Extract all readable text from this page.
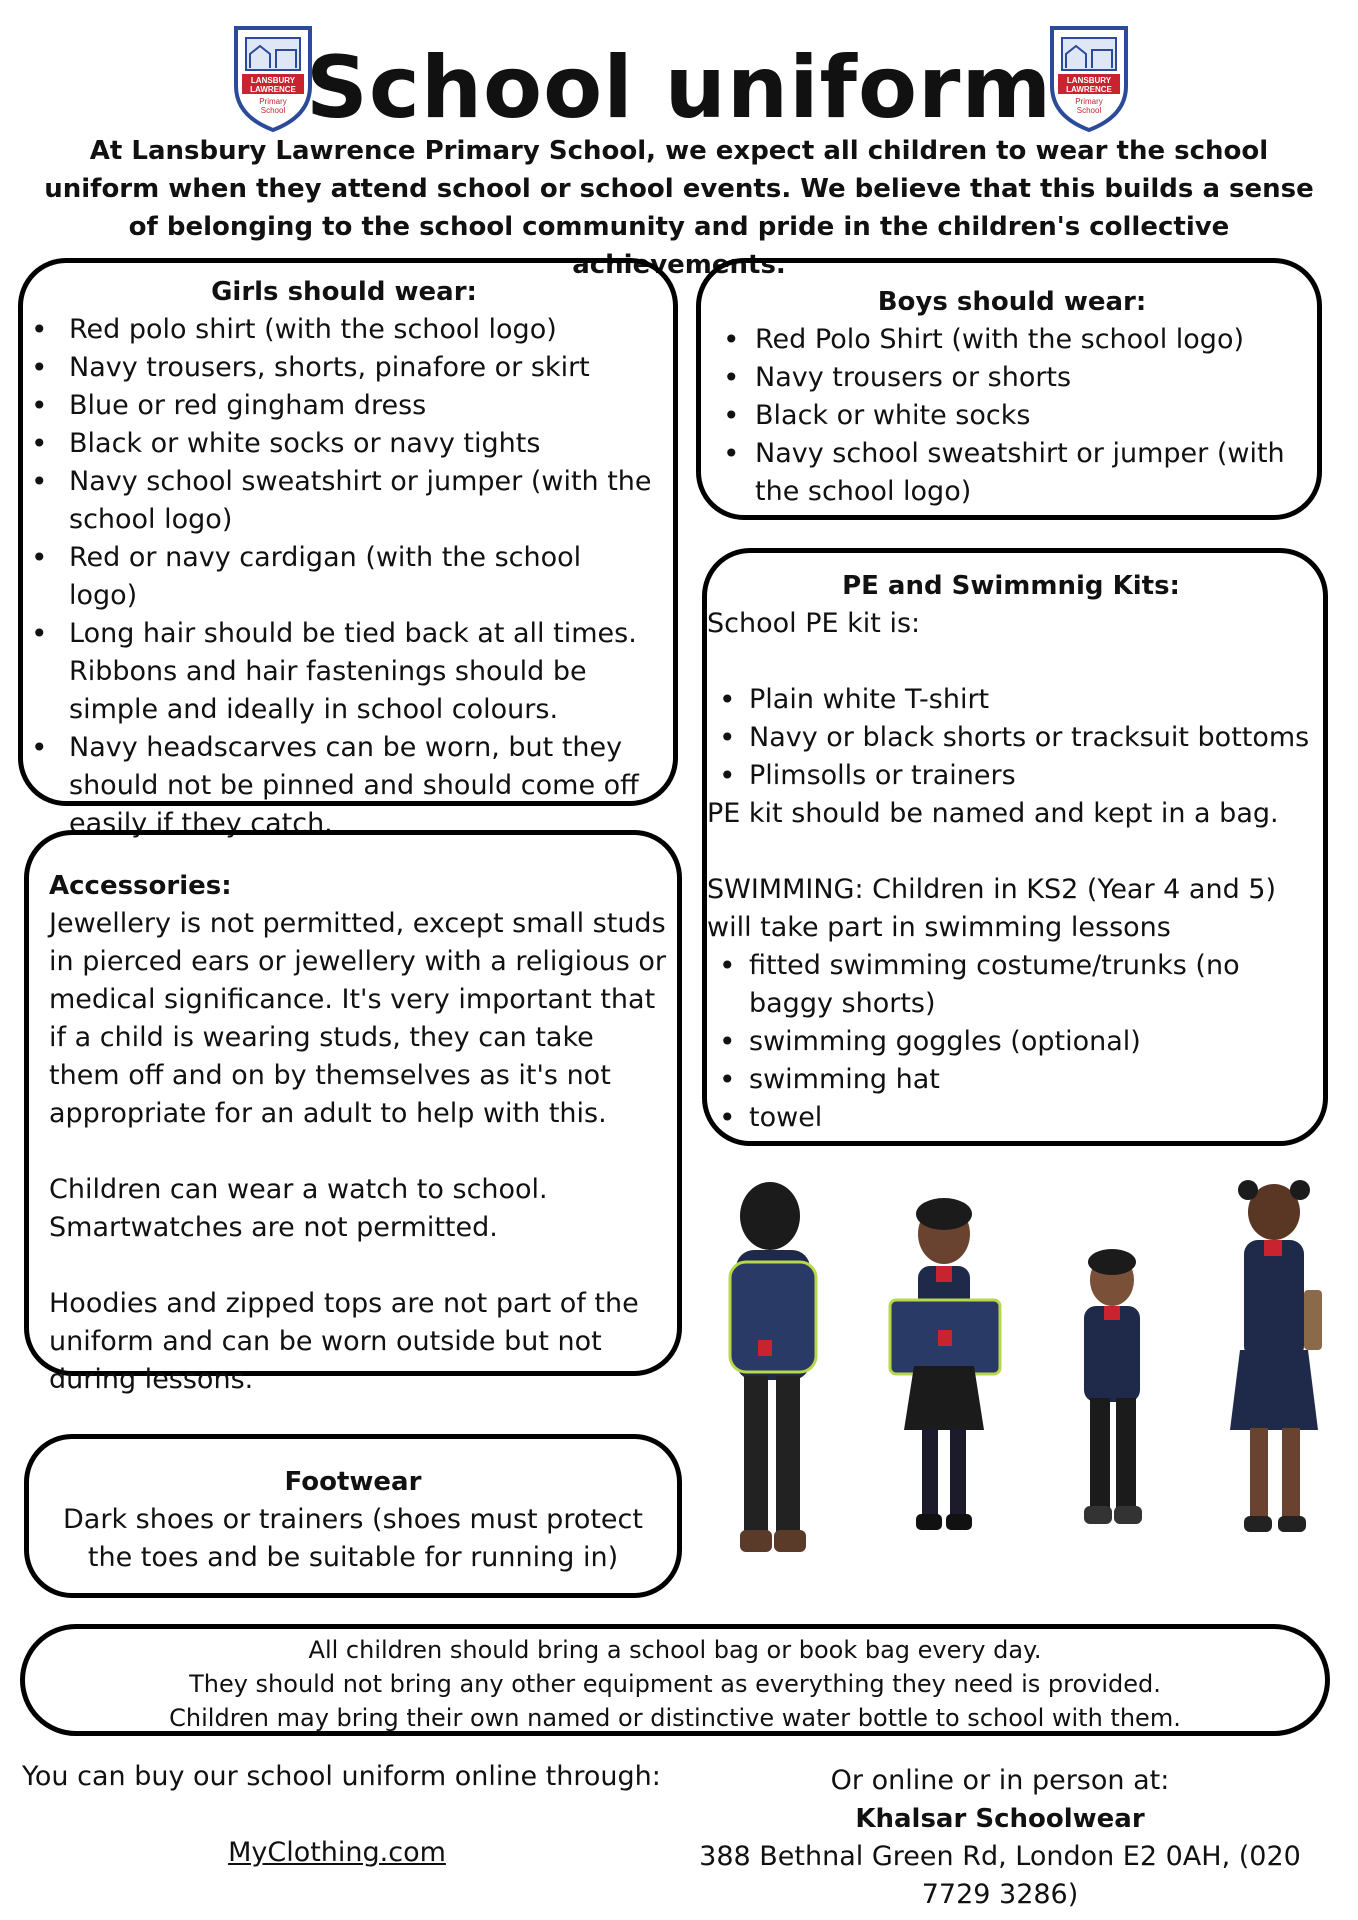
LANSBURY
LAWRENCE
Primary
School
LANSBURY
LAWRENCE
Primary
School
School uniform
At Lansbury Lawrence Primary School, we expect all children to wear the school uniform when they attend school or school events. We believe that this builds a sense of belonging to the school community and pride in the children's collective achievements.
Girls should wear:
• Red polo shirt (with the school logo)
• Navy trousers, shorts, pinafore or skirt
• Blue or red gingham dress
• Black or white socks or navy tights
• Navy school sweatshirt or jumper (with the school logo)
• Red or navy cardigan (with the school logo)
• Long hair should be tied back at all times. Ribbons and hair fastenings should be simple and ideally in school colours.
• Navy headscarves can be worn, but they should not be pinned and should come off easily if they catch.
Boys should wear:
• Red Polo Shirt (with the school logo)
• Navy trousers or shorts
• Black or white socks
• Navy school sweatshirt or jumper (with the school logo)
PE and Swimmnig Kits:
School PE kit is:
• Plain white T-shirt
• Navy or black shorts or tracksuit bottoms
• Plimsolls or trainers
PE kit should be named and kept in a bag.
SWIMMING: Children in KS2 (Year 4 and 5) will take part in swimming lessons
• fitted swimming costume/trunks (no baggy shorts)
• swimming goggles (optional)
• swimming hat
• towel
Accessories:
Jewellery is not permitted, except small studs in pierced ears or jewellery with a religious or medical significance. It's very important that if a child is wearing studs, they can take them off and on by themselves as it's not appropriate for an adult to help with this.
Children can wear a watch to school. Smartwatches are not permitted.
Hoodies and zipped tops are not part of the uniform and can be worn outside but not during lessons.
Footwear
Dark shoes or trainers (shoes must protect the toes and be suitable for running in)
All children should bring a school bag or book bag every day.
They should not bring any other equipment as everything they need is provided.
Children may bring their own named or distinctive water bottle to school with them.
You can buy our school uniform online through:
MyClothing.com
Or online or in person at:
Khalsar Schoolwear
388 Bethnal Green Rd, London E2 0AH, (020 7729 3286)
